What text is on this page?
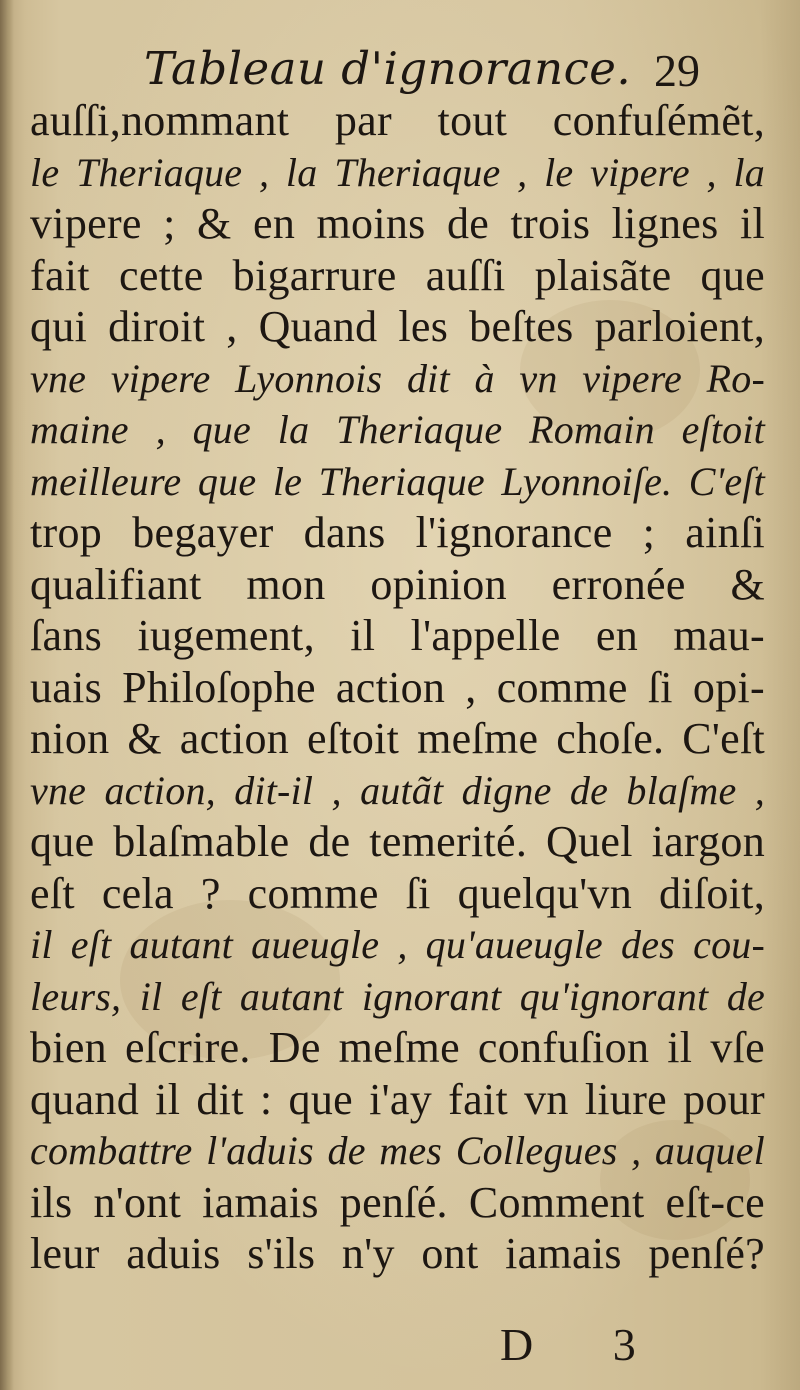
Tableau d'ignorance. 29
auſſi,nommant par tout confuſémẽt,
le Theriaque , la Theriaque , le vipere , la
vipere ; & en moins de trois lignes il
fait cette bigarrure auſſi plaisãte que
qui diroit , Quand les beſtes parloient,
vne vipere Lyonnois dit à vn vipere Ro-
maine , que la Theriaque Romain eſtoit
meilleure que le Theriaque Lyonnoiſe. C'eſt
trop begayer dans l'ignorance ; ainſi
qualifiant mon opinion erronée &
ſans iugement, il l'appelle en mau-
uais Philoſophe action , comme ſi opi-
nion & action eſtoit meſme choſe. C'eſt
vne action, dit-il , autãt digne de blaſme ,
que blaſmable de temerité. Quel iargon
eſt cela ? comme ſi quelqu'vn diſoit,
il eſt autant aueugle , qu'aueugle des cou-
leurs, il eſt autant ignorant qu'ignorant de
bien eſcrire. De meſme confuſion il vſe
quand il dit : que i'ay fait vn liure pour
combattre l'aduis de mes Collegues , auquel
ils n'ont iamais penſé. Comment eſt-ce
leur aduis s'ils n'y ont iamais penſé?
D 3
